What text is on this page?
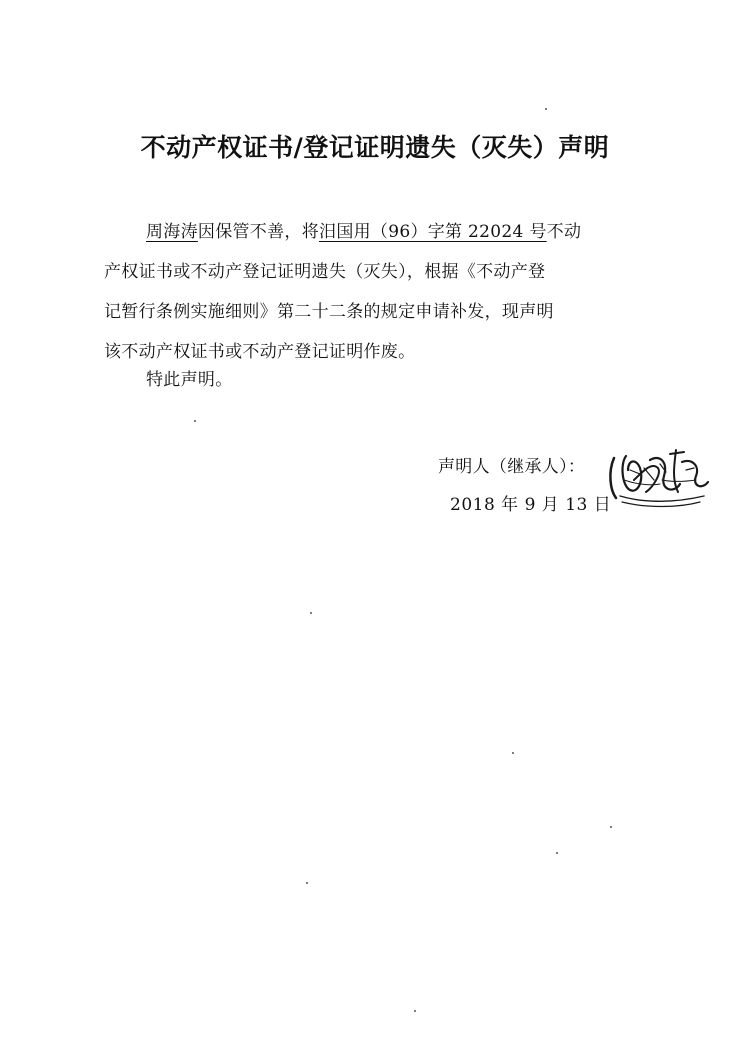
不动产权证书/登记证明遗失（灭失）声明
周海涛因保管不善，将汨国用（96）字第 22024 号不动
产权证书或不动产登记证明遗失（灭失），根据《不动产登
记暂行条例实施细则》第二十二条的规定申请补发，现声明
该不动产权证书或不动产登记证明作废。
特此声明。
声明人（继承人）：
2018 年 9 月 13 日
